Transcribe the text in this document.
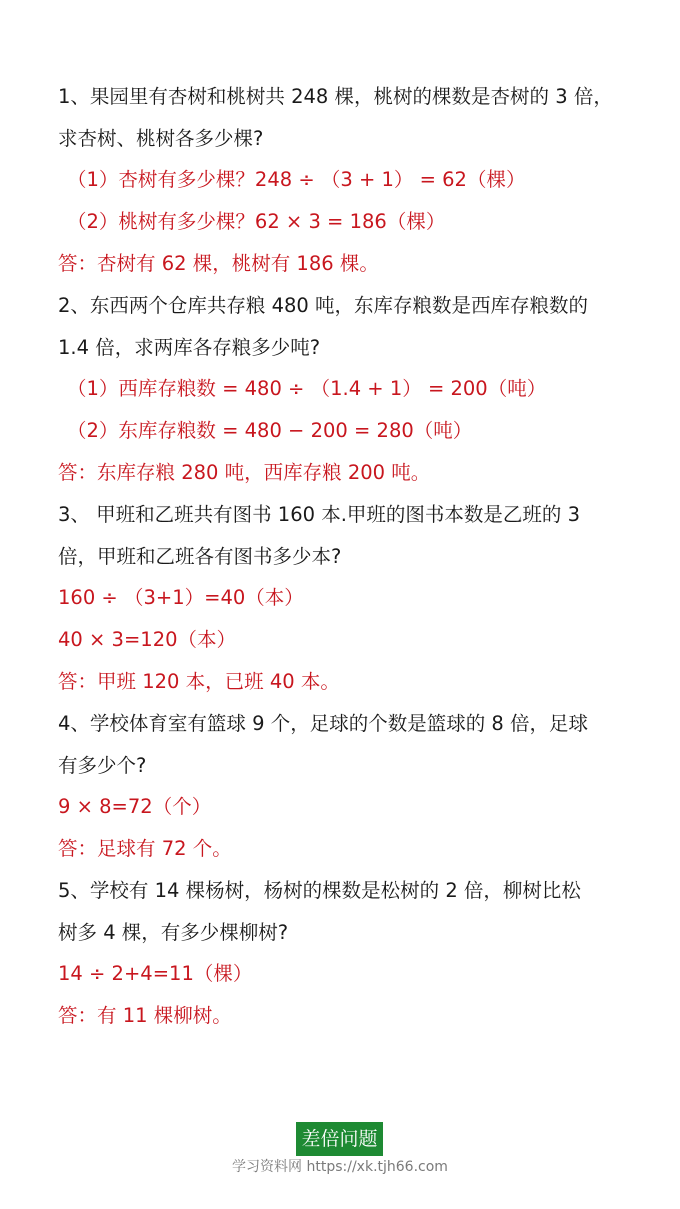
1、果园里有杏树和桃树共 248 棵，桃树的棵数是杏树的 3 倍，
求杏树、桃树各多少棵?
（1）杏树有多少棵？248 ÷ （3 + 1） = 62（棵）
（2）桃树有多少棵？62 × 3 = 186（棵）
答：杏树有 62 棵，桃树有 186 棵。
2、东西两个仓库共存粮 480 吨，东库存粮数是西库存粮数的
1.4 倍，求两库各存粮多少吨?
（1）西库存粮数 = 480 ÷ （1.4 + 1） = 200（吨）
（2）东库存粮数 = 480 − 200 = 280（吨）
答：东库存粮 280 吨，西库存粮 200 吨。
3、 甲班和乙班共有图书 160 本.甲班的图书本数是乙班的 3
倍，甲班和乙班各有图书多少本?
160 ÷ （3+1）=40（本）
40 × 3=120（本）
答：甲班 120 本，已班 40 本。
4、学校体育室有篮球 9 个，足球的个数是篮球的 8 倍，足球
有多少个?
9 × 8=72（个）
答：足球有 72 个。
5、学校有 14 棵杨树，杨树的棵数是松树的 2 倍，柳树比松
树多 4 棵，有多少棵柳树?
14 ÷ 2+4=11（棵）
答：有 11 棵柳树。
差倍问题
学习资料网 https://xk.tjh66.com
